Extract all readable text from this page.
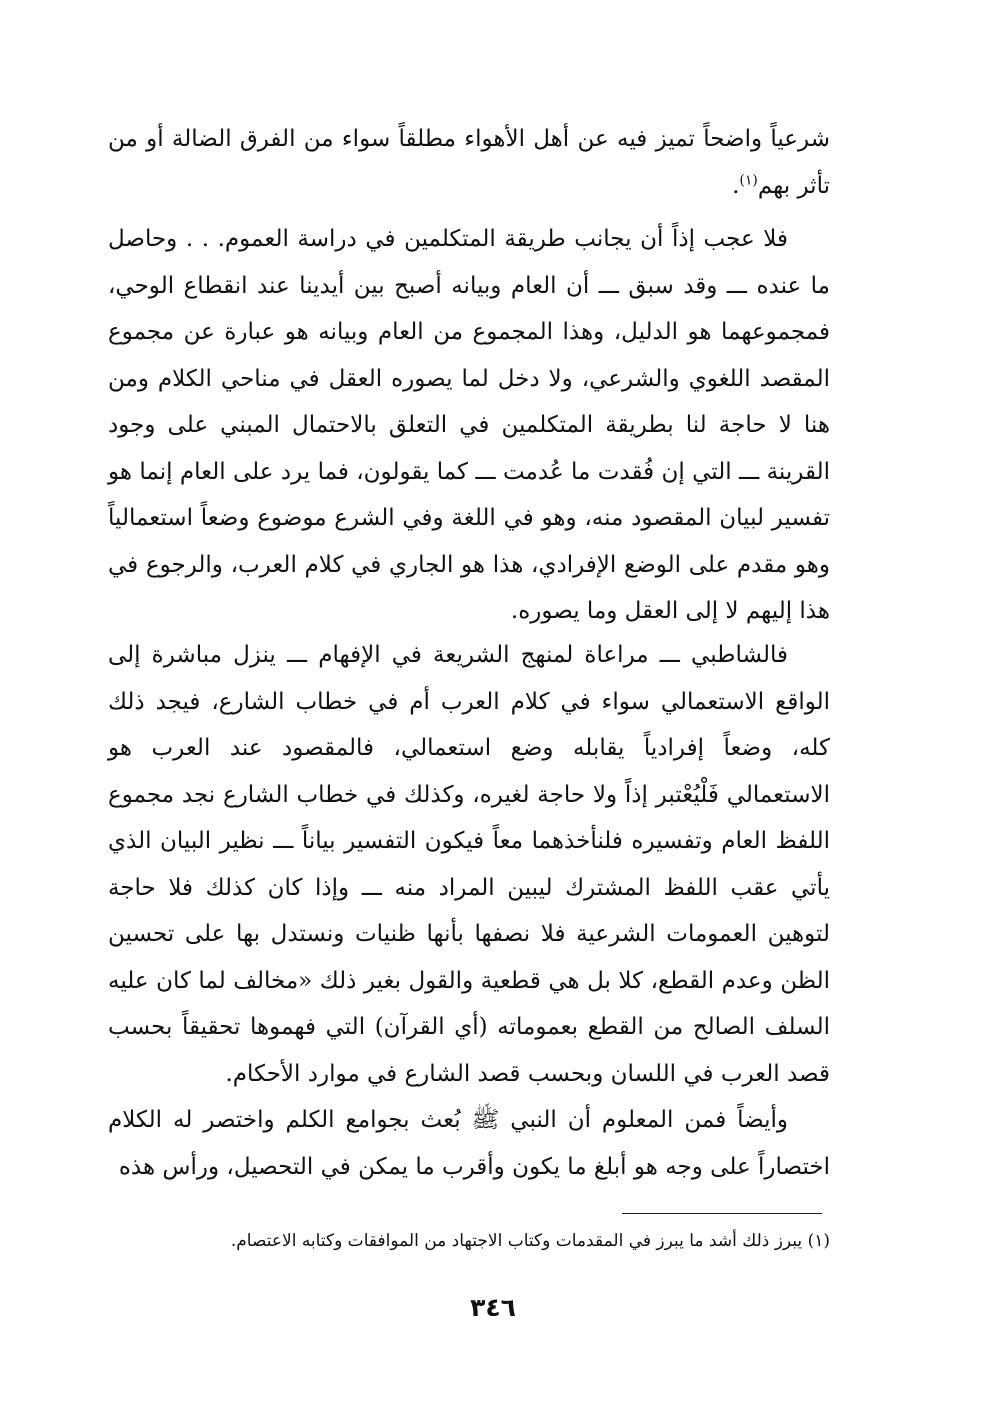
شرعياً واضحاً تميز فيه عن أهل الأهواء مطلقاً سواء من الفرق الضالة أو من تأثر بهم$^{(١)}$.

فلا عجب إذاً أن يجانب طريقة المتكلمين في دراسة العموم. . . وحاصل ما عنده ـــ وقد سبق ـــ أن العام وبيانه أصبح بين أيدينا عند انقطاع الوحي، فمجموعهما هو الدليل، وهذا المجموع من العام وبيانه هو عبارة عن مجموع المقصد اللغوي والشرعي، ولا دخل لما يصوره العقل في مناحي الكلام ومن هنا لا حاجة لنا بطريقة المتكلمين في التعلق بالاحتمال المبني على وجود القرينة ـــ التي إن فُقدت ما عُدمت ـــ كما يقولون، فما يرد على العام إنما هو تفسير لبيان المقصود منه، وهو في اللغة وفي الشرع موضوع وضعاً استعمالياً وهو مقدم على الوضع الإفرادي، هذا هو الجاري في كلام العرب، والرجوع في هذا إليهم لا إلى العقل وما يصوره.

فالشاطبي ـــ مراعاة لمنهج الشريعة في الإفهام ـــ ينزل مباشرة إلى الواقع الاستعمالي سواء في كلام العرب أم في خطاب الشارع، فيجد ذلك كله، وضعاً إفرادياً يقابله وضع استعمالي، فالمقصود عند العرب هو الاستعمالي فَلْيُعْتبر إذاً ولا حاجة لغيره، وكذلك في خطاب الشارع نجد مجموع اللفظ العام وتفسيره فلنأخذهما معاً فيكون التفسير بياناً ـــ نظير البيان الذي يأتي عقب اللفظ المشترك ليبين المراد منه ـــ وإذا كان كذلك فلا حاجة لتوهين العمومات الشرعية فلا نصفها بأنها ظنيات ونستدل بها على تحسين الظن وعدم القطع، كلا بل هي قطعية والقول بغير ذلك «مخالف لما كان عليه السلف الصالح من القطع بعموماته (أي القرآن) التي فهموها تحقيقاً بحسب قصد العرب في اللسان وبحسب قصد الشارع في موارد الأحكام.

وأيضاً فمن المعلوم أن النبي ﷺ بُعث بجوامع الكلم واختصر له الكلام اختصاراً على وجه هو أبلغ ما يكون وأقرب ما يمكن في التحصيل، ورأس هذه

(١) يبرز ذلك أشد ما يبرز في المقدمات وكتاب الاجتهاد من الموافقات وكتابه الاعتصام.

٣٤٦
